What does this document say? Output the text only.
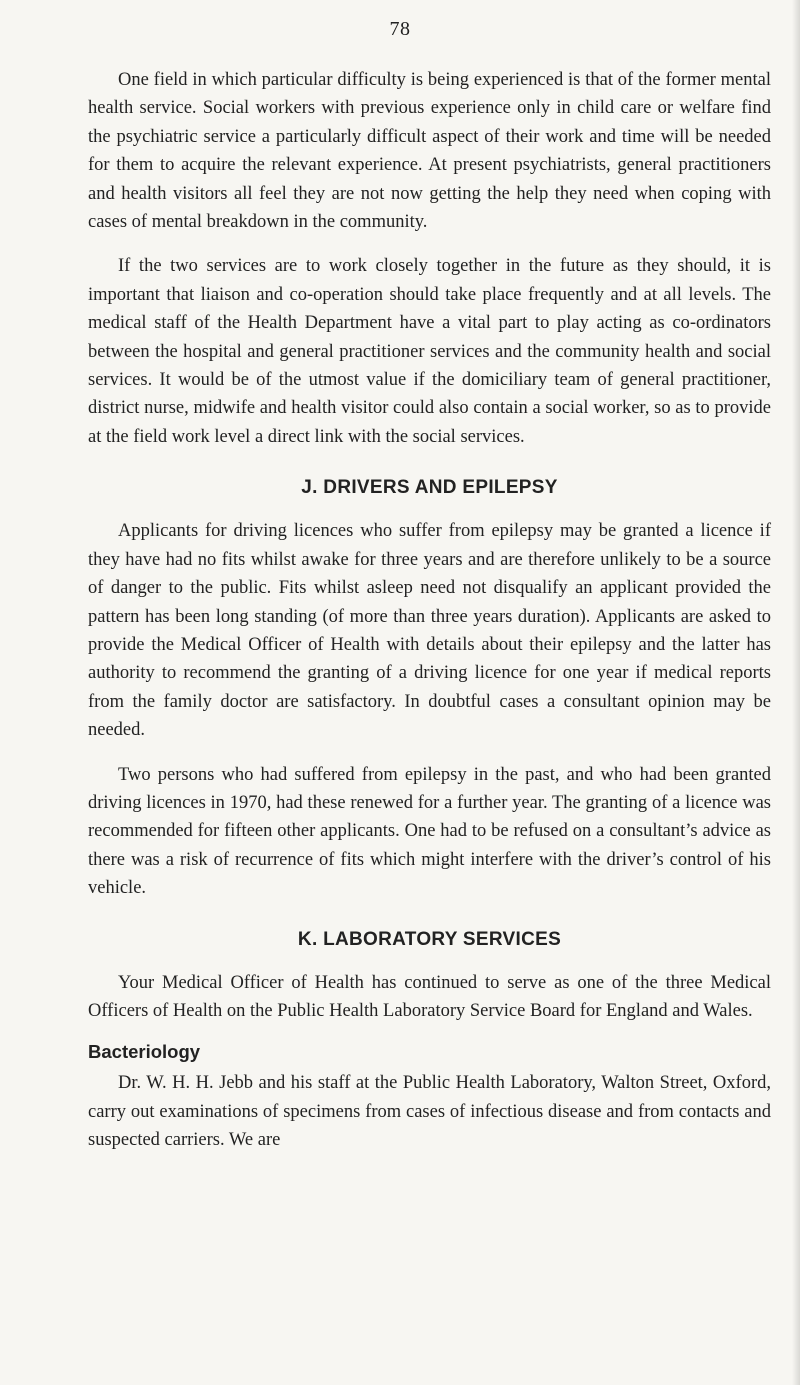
78

One field in which particular difficulty is being experienced is that of the former mental health service. Social workers with previous experience only in child care or welfare find the psychiatric service a particularly difficult aspect of their work and time will be needed for them to acquire the relevant experience. At present psychiatrists, general practitioners and health visitors all feel they are not now getting the help they need when coping with cases of mental breakdown in the community.

If the two services are to work closely together in the future as they should, it is important that liaison and co-operation should take place frequently and at all levels. The medical staff of the Health Department have a vital part to play acting as co-ordinators between the hospital and general practitioner services and the community health and social services. It would be of the utmost value if the domiciliary team of general practitioner, district nurse, midwife and health visitor could also contain a social worker, so as to provide at the field work level a direct link with the social services.

J. DRIVERS AND EPILEPSY

Applicants for driving licences who suffer from epilepsy may be granted a licence if they have had no fits whilst awake for three years and are therefore unlikely to be a source of danger to the public. Fits whilst asleep need not disqualify an applicant provided the pattern has been long standing (of more than three years duration). Applicants are asked to provide the Medical Officer of Health with details about their epilepsy and the latter has authority to recommend the granting of a driving licence for one year if medical reports from the family doctor are satisfactory. In doubtful cases a consultant opinion may be needed.

Two persons who had suffered from epilepsy in the past, and who had been granted driving licences in 1970, had these renewed for a further year. The granting of a licence was recommended for fifteen other applicants. One had to be refused on a consultant’s advice as there was a risk of recurrence of fits which might interfere with the driver’s control of his vehicle.

K. LABORATORY SERVICES

Your Medical Officer of Health has continued to serve as one of the three Medical Officers of Health on the Public Health Laboratory Service Board for England and Wales.

Bacteriology

Dr. W. H. H. Jebb and his staff at the Public Health Laboratory, Walton Street, Oxford, carry out examinations of specimens from cases of infectious disease and from contacts and suspected carriers. We are
